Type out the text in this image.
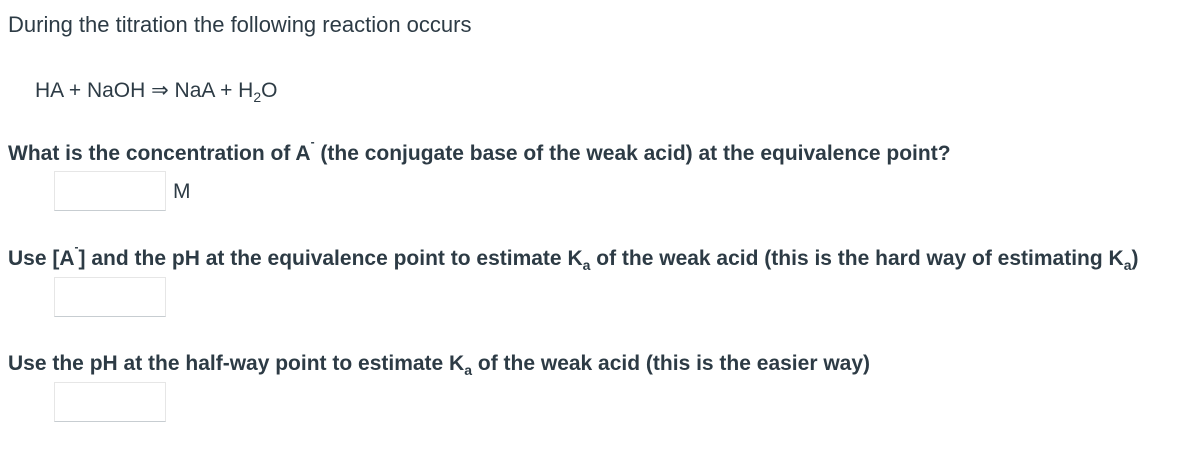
During the titration the following reaction occurs
HA + NaOH ⇒ NaA + $H_2O$
What is the concentration of A- (the conjugate base of the weak acid) at the equivalence point?
M
Use [A-] and the pH at the equivalence point to estimate $K_a$ of the weak acid (this is the hard way of estimating $K_a$)
Use the pH at the half-way point to estimate $K_a$ of the weak acid (this is the easier way)
